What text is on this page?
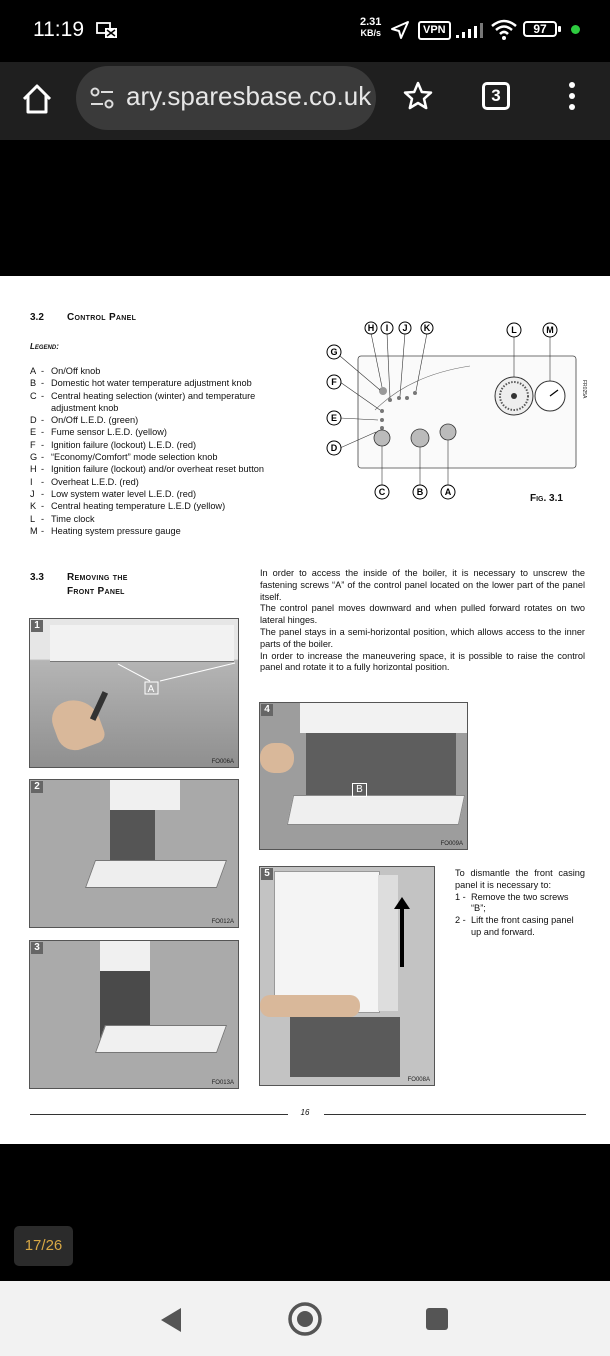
11:19	2.31
KB/s	VPN	97
ary.sparesbase.co.uk	3
3.2 Control Panel
Legend:
A - On/Off knob
B - Domestic hot water temperature adjustment knob
C - Central heating selection (winter) and temperature adjustment knob
D - On/Off L.E.D. (green)
E - Fume sensor L.E.D. (yellow)
F - Ignition failure (lockout) L.E.D. (red)
G - “Economy/Comfort” mode selection knob
H - Ignition failure (lockout) and/or overheat reset button
I - Overheat L.E.D. (red)
J - Low system water level L.E.D. (red)
K - Central heating temperature L.E.D (yellow)
L - Time clock
M - Heating system pressure gauge
H I J K	L	M
G
F
E
D
C	B A
FR025A
Fig. 3.1
3.3 Removing the
Front Panel

In order to access the inside of the boiler, it is necessary to unscrew the fastening screws “A” of the control panel located on the lower part of the panel itself.

The control panel moves downward and when pulled forward rotates on two lateral hinges.

The panel stays in a semi-horizontal position, which allows access to the inner parts of the boiler.

In order to increase the maneuvering space, it is possible to raise the control panel and rotate it to a fully horizontal position.

A
1
FO006A
2
FO012A
3
FO013A
B
4
FO009A
5
FO008A
To dismantle the front casing panel it is necessary to:
1 - Remove the two screws “B”;
2 - Lift the front casing panel up and forward.
16
17/26
